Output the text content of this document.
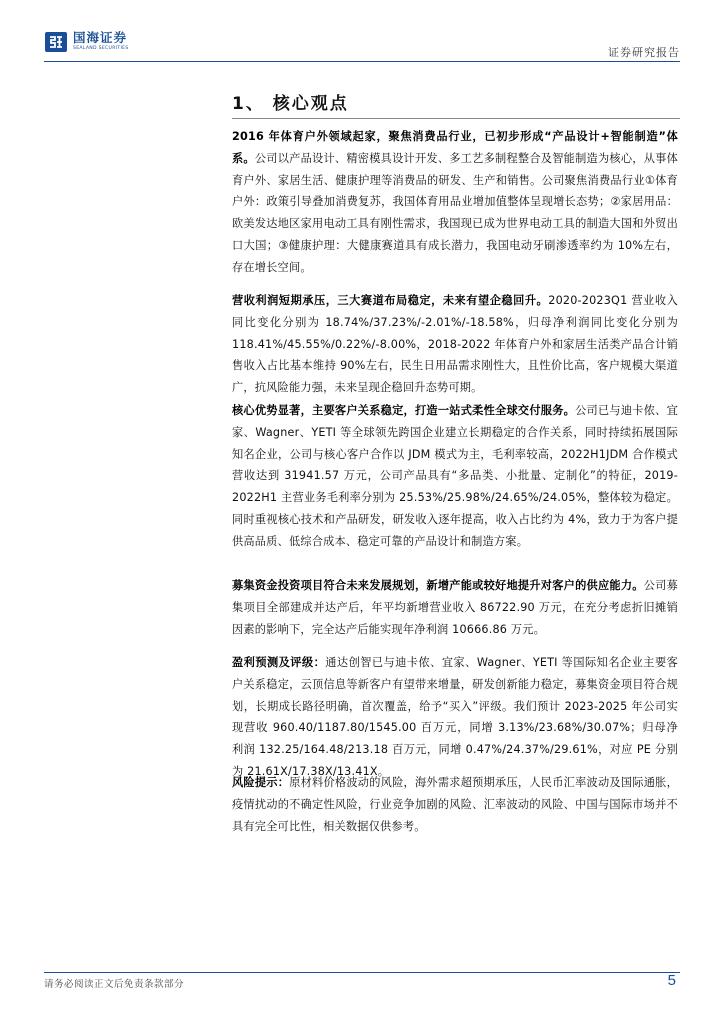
国海证券
SEALAND SECURITIES	证券研究报告
1、 核心观点

2016 年体育户外领域起家，聚焦消费品行业，已初步形成“产品设计+智能制造”体系。公司以产品设计、精密模具设计开发、多工艺多制程整合及智能制造为核心，从事体育户外、家居生活、健康护理等消费品的研发、生产和销售。公司聚焦消费品行业①体育户外：政策引导叠加消费复苏，我国体育用品业增加值整体呈现增长态势；②家居用品：欧美发达地区家用电动工具有刚性需求，我国现已成为世界电动工具的制造大国和外贸出口大国；③健康护理：大健康赛道具有成长潜力，我国电动牙刷渗透率约为 10%左右，存在增长空间。

营收利润短期承压，三大赛道布局稳定，未来有望企稳回升。2020-2023Q1 营业收入同比变化分别为 18.74%/37.23%/-2.01%/-18.58%，归母净利润同比变化分别为 118.41%/45.55%/0.22%/-8.00%，2018-2022 年体育户外和家居生活类产品合计销售收入占比基本维持 90%左右，民生日用品需求刚性大，且性价比高，客户规模大渠道广，抗风险能力强，未来呈现企稳回升态势可期。

核心优势显著，主要客户关系稳定，打造一站式柔性全球交付服务。公司已与迪卡侬、宜家、Wagner、YETI 等全球领先跨国企业建立长期稳定的合作关系，同时持续拓展国际知名企业，公司与核心客户合作以 JDM 模式为主，毛利率较高，2022H1JDM 合作模式营收达到 31941.57 万元，公司产品具有“多品类、小批量、定制化”的特征，2019-2022H1 主营业务毛利率分别为 25.53%/25.98%/24.65%/24.05%，整体较为稳定。同时重视核心技术和产品研发，研发收入逐年提高，收入占比约为 4%，致力于为客户提供高品质、低综合成本、稳定可靠的产品设计和制造方案。

募集资金投资项目符合未来发展规划，新增产能或较好地提升对客户的供应能力。公司募集项目全部建成并达产后，年平均新增营业收入 86722.90 万元，在充分考虑折旧摊销因素的影响下，完全达产后能实现年净利润 10666.86 万元。

盈利预测及评级：通达创智已与迪卡侬、宜家、Wagner、YETI 等国际知名企业主要客户关系稳定，云顶信息等新客户有望带来增量，研发创新能力稳定，募集资金项目符合规划，长期成长路径明确，首次覆盖，给予“买入”评级。我们预计 2023-2025 年公司实现营收 960.40/1187.80/1545.00 百万元，同增 3.13%/23.68%/30.07%；归母净利润 132.25/164.48/213.18 百万元，同增 0.47%/24.37%/29.61%，对应 PE 分别为 21.61X/17.38X/13.41X。

风险提示：原材料价格波动的风险，海外需求超预期承压，人民币汇率波动及国际通胀，疫情扰动的不确定性风险，行业竞争加剧的风险、汇率波动的风险、中国与国际市场并不具有完全可比性，相关数据仅供参考。

请务必阅读正文后免责条款部分	5
